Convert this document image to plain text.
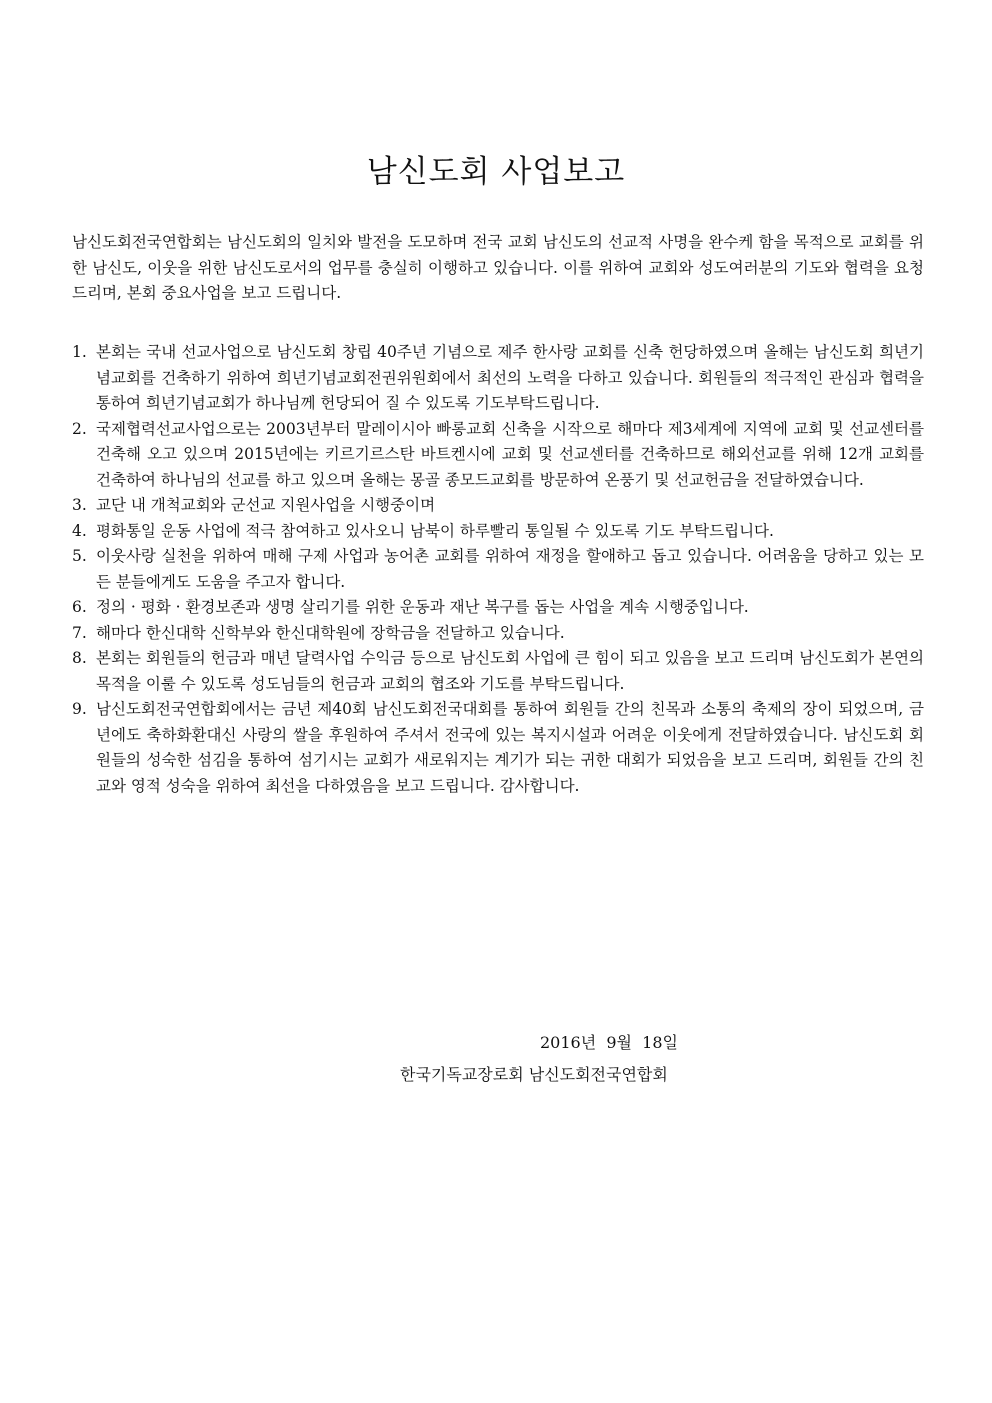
남신도회 사업보고

남신도회전국연합회는 남신도회의 일치와 발전을 도모하며 전국 교회 남신도의 선교적 사명을 완수케 함을 목적으로 교회를 위한 남신도, 이웃을 위한 남신도로서의 업무를 충실히 이행하고 있습니다. 이를 위하여 교회와 성도여러분의 기도와 협력을 요청 드리며, 본회 중요사업을 보고 드립니다.

1. 본회는 국내 선교사업으로 남신도회 창립 40주년 기념으로 제주 한사랑 교회를 신축 헌당하였으며 올해는 남신도회 희년기념교회를 건축하기 위하여 희년기념교회전권위원회에서 최선의 노력을 다하고 있습니다. 회원들의 적극적인 관심과 협력을 통하여 희년기념교회가 하나님께 헌당되어 질 수 있도록 기도부탁드립니다.
2. 국제협력선교사업으로는 2003년부터 말레이시아 빠롱교회 신축을 시작으로 해마다 제3세계에 지역에 교회 및 선교센터를 건축해 오고 있으며 2015년에는 키르기르스탄 바트켄시에 교회 및 선교센터를 건축하므로 해외선교를 위해 12개 교회를 건축하여 하나님의 선교를 하고 있으며 올해는 몽골 종모드교회를 방문하여 온풍기 및 선교헌금을 전달하였습니다.
3. 교단 내 개척교회와 군선교 지원사업을 시행중이며
4. 평화통일 운동 사업에 적극 참여하고 있사오니 남북이 하루빨리 통일될 수 있도록 기도 부탁드립니다.
5. 이웃사랑 실천을 위하여 매해 구제 사업과 농어촌 교회를 위하여 재정을 할애하고 돕고 있습니다. 어려움을 당하고 있는 모든 분들에게도 도움을 주고자 합니다.
6. 정의 · 평화 · 환경보존과 생명 살리기를 위한 운동과 재난 복구를 돕는 사업을 계속 시행중입니다.
7. 해마다 한신대학 신학부와 한신대학원에 장학금을 전달하고 있습니다.
8. 본회는 회원들의 헌금과 매년 달력사업 수익금 등으로 남신도회 사업에 큰 힘이 되고 있음을 보고 드리며 남신도회가 본연의 목적을 이룰 수 있도록 성도님들의 헌금과 교회의 협조와 기도를 부탁드립니다.
9. 남신도회전국연합회에서는 금년 제40회 남신도회전국대회를 통하여 회원들 간의 친목과 소통의 축제의 장이 되었으며, 금년에도 축하화환대신 사랑의 쌀을 후원하여 주셔서 전국에 있는 복지시설과 어려운 이웃에게 전달하였습니다. 남신도회 회원들의 성숙한 섬김을 통하여 섬기시는 교회가 새로워지는 계기가 되는 귀한 대회가 되었음을 보고 드리며, 회원들 간의 친교와 영적 성숙을 위하여 최선을 다하였음을 보고 드립니다. 감사합니다.
2016년  9월  18일
한국기독교장로회 남신도회전국연합회
